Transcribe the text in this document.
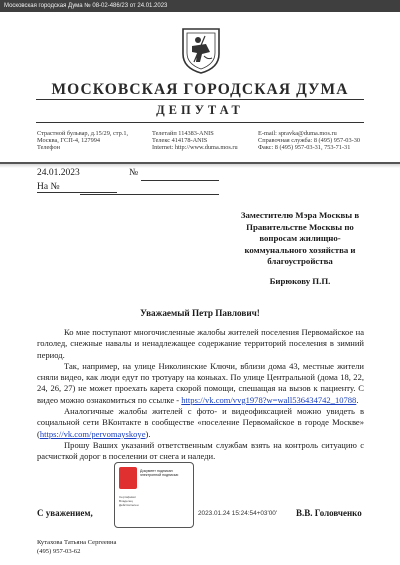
Московская городская Дума № 08-02-486/23 от 24.01.2023
МОСКОВСКАЯ ГОРОДСКАЯ ДУМА
ДЕПУТАТ
Страстной бульвар, д.15/29, стр.1,
Москва, ГСП-4, 127994
Телефон
Телетайп 114383-ANIS
Телекс 414178-ANIS
Internet: http://www.duma.mos.ru
E-mail: spravka@duma.mos.ru
Справочная служба: 8 (495) 957-03-30
Факс: 8 (495) 957-03-31, 753-71-31
24.01.2023	№
На №
Заместителю Мэра Москвы в Правительстве Москвы по вопросам жилищно-коммунального хозяйства и благоустройства
Бирюкову П.П.
Уважаемый Петр Павлович!

Ко мне поступают многочисленные жалобы жителей поселения Первомайское на гололед, снежные навалы и ненадлежащее содержание территорий поселения в зимний период.

Так, например, на улице Николинские Ключи, вблизи дома 43, местные жители сняли видео, как люди едут по тротуару на коньках. По улице Центральной (дома 18, 22, 24, 26, 27) не может проехать карета скорой помощи, спешащая на вызов к пациенту. С видео можно ознакомиться по ссылке - https://vk.com/vvg1978?w=wall536434742_10788.

Аналогичные жалобы жителей с фото- и видеофиксацией можно увидеть в социальной сети ВКонтакте в сообществе «поселение Первомайское в городе Москве» (https://vk.com/pervomayskoye).

Прошу Ваших указаний ответственным службам взять на контроль ситуацию с расчисткой дорог в поселении от снега и наледи.

С уважением,
Документ подписан электронной подписью
Сертификат
Владелец
Действителен
2023.01.24 15:24:54+03'00' В.В. Головченко
Кутахова Татьяна Сергеевна
(495) 957-03-62
